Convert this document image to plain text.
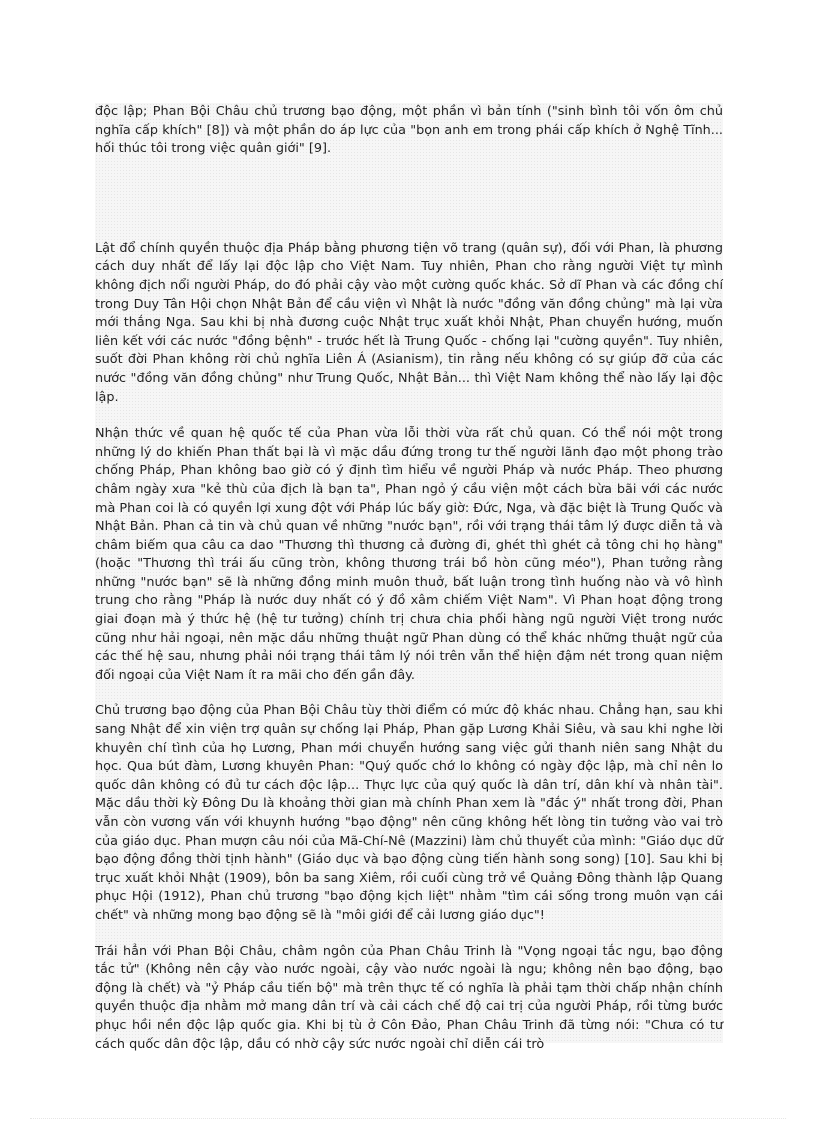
độc lập; Phan Bội Châu chủ trương bạo động, một phần vì bản tính ("sinh bình tôi vốn ôm chủ nghĩa cấp khích" [8]) và một phần do áp lực của "bọn anh em trong phái cấp khích ở Nghệ Tĩnh... hối thúc tôi trong việc quân giới" [9].

Lật đổ chính quyền thuộc địa Pháp bằng phương tiện võ trang (quân sự), đối với Phan, là phương cách duy nhất để lấy lại độc lập cho Việt Nam. Tuy nhiên, Phan cho rằng người Việt tự mình không địch nổi người Pháp, do đó phải cậy vào một cường quốc khác. Sở dĩ Phan và các đồng chí trong Duy Tân Hội chọn Nhật Bản để cầu viện vì Nhật là nước "đồng văn đồng chủng" mà lại vừa mới thắng Nga. Sau khi bị nhà đương cuộc Nhật trục xuất khỏi Nhật, Phan chuyển hướng, muốn liên kết với các nước "đồng bệnh" - trước hết là Trung Quốc - chống lại "cường quyền". Tuy nhiên, suốt đời Phan không rời chủ nghĩa Liên Á (Asianism), tin rằng nếu không có sự giúp đỡ của các nước "đồng văn đồng chủng" như Trung Quốc, Nhật Bản... thì Việt Nam không thể nào lấy lại độc lập.

Nhận thức về quan hệ quốc tế của Phan vừa lỗi thời vừa rất chủ quan. Có thể nói một trong những lý do khiến Phan thất bại là vì mặc dầu đứng trong tư thế người lãnh đạo một phong trào chống Pháp, Phan không bao giờ có ý định tìm hiểu về người Pháp và nước Pháp. Theo phương châm ngày xưa "kẻ thù của địch là bạn ta", Phan ngỏ ý cầu viện một cách bừa bãi với các nước mà Phan coi là có quyền lợi xung đột với Pháp lúc bấy giờ: Đức, Nga, và đặc biệt là Trung Quốc và Nhật Bản. Phan cả tin và chủ quan về những "nước bạn", rồi với trạng thái tâm lý được diễn tả và châm biếm qua câu ca dao "Thương thì thương cả đường đi, ghét thì ghét cả tông chi họ hàng" (hoặc "Thương thì trái ấu cũng tròn, không thương trái bồ hòn cũng méo"), Phan tưởng rằng những "nước bạn" sẽ là những đồng minh muôn thuở, bất luận trong tình huống nào và vô hình trung cho rằng "Pháp là nước duy nhất có ý đồ xâm chiếm Việt Nam". Vì Phan hoạt động trong giai đoạn mà ý thức hệ (hệ tư tưởng) chính trị chưa chia phối hàng ngũ người Việt trong nước cũng như hải ngoại, nên mặc dầu những thuật ngữ Phan dùng có thể khác những thuật ngữ của các thế hệ sau, nhưng phải nói trạng thái tâm lý nói trên vẫn thể hiện đậm nét trong quan niệm đối ngoại của Việt Nam ít ra mãi cho đến gần đây.

Chủ trương bạo động của Phan Bội Châu tùy thời điểm có mức độ khác nhau. Chẳng hạn, sau khi sang Nhật để xin viện trợ quân sự chống lại Pháp, Phan gặp Lương Khải Siêu, và sau khi nghe lời khuyên chí tình của họ Lương, Phan mới chuyển hướng sang việc gửi thanh niên sang Nhật du học. Qua bút đàm, Lương khuyên Phan: "Quý quốc chớ lo không có ngày độc lập, mà chỉ nên lo quốc dân không có đủ tư cách độc lập... Thực lực của quý quốc là dân trí, dân khí và nhân tài". Mặc dầu thời kỳ Đông Du là khoảng thời gian mà chính Phan xem là "đắc ý" nhất trong đời, Phan vẫn còn vương vấn với khuynh hướng "bạo động" nên cũng không hết lòng tin tưởng vào vai trò của giáo dục. Phan mượn câu nói của Mã-Chí-Nê (Mazzini) làm chủ thuyết của mình: "Giáo dục dữ bạo động đồng thời tịnh hành" (Giáo dục và bạo động cùng tiến hành song song) [10]. Sau khi bị trục xuất khỏi Nhật (1909), bôn ba sang Xiêm, rồi cuối cùng trở về Quảng Đông thành lập Quang phục Hội (1912), Phan chủ trương "bạo động kịch liệt" nhằm "tìm cái sống trong muôn vạn cái chết" và những mong bạo động sẽ là "môi giới để cải lương giáo dục"!

Trái hẳn với Phan Bội Châu, châm ngôn của Phan Châu Trinh là "Vọng ngoại tắc ngu, bạo động tắc tử" (Không nên cậy vào nước ngoài, cậy vào nước ngoài là ngu; không nên bạo động, bạo động là chết) và "ỷ Pháp cầu tiến bộ" mà trên thực tế có nghĩa là phải tạm thời chấp nhận chính quyền thuộc địa nhằm mở mang dân trí và cải cách chế độ cai trị của người Pháp, rồi từng bước phục hồi nền độc lập quốc gia. Khi bị tù ở Côn Đảo, Phan Châu Trinh đã từng nói: "Chưa có tư cách quốc dân độc lập, dầu có nhờ cậy sức nước ngoài chỉ diễn cái trò
